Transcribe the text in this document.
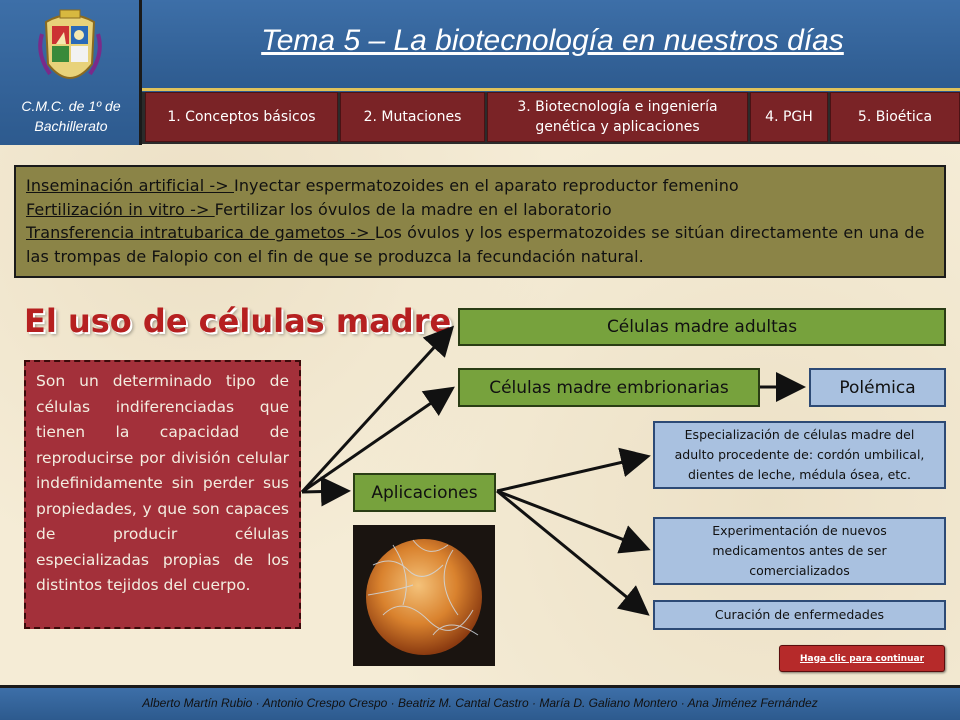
C.M.C. de 1º de
Bachillerato
Tema 5 – La biotecnología en nuestros días
1. Conceptos básicos	2. Mutaciones
3. Biotecnología e ingeniería
genética y aplicaciones
4. PGH	5. Bioética
Inseminación artificial -> Inyectar espermatozoides en el aparato reproductor femenino
Fertilización in vitro -> Fertilizar los óvulos de la madre en el laboratorio
Transferencia intratubarica de gametos -> Los óvulos y los espermatozoides se sitúan directamente en una de las trompas de Falopio con el fin de que se produzca la fecundación natural.
El uso de células madre
Son un determinado tipo de células indiferenciadas que tienen la capacidad de reproducirse por división celular indefinidamente sin perder sus propiedades, y que son capaces de producir células especializadas propias de los distintos tejidos del cuerpo.
Células madre adultas
Células madre embrionarias	Polémica
Aplicaciones
Especialización de células madre del
adulto procedente de: cordón umbilical,
dientes de leche, médula ósea, etc.
Experimentación de nuevos
medicamentos antes de ser
comercializados
Curación de enfermedades
Haga clic para continuar
Alberto Martín Rubio · Antonio Crespo Crespo · Beatriz M. Cantal Castro · María D. Galiano Montero · Ana Jiménez Fernández
